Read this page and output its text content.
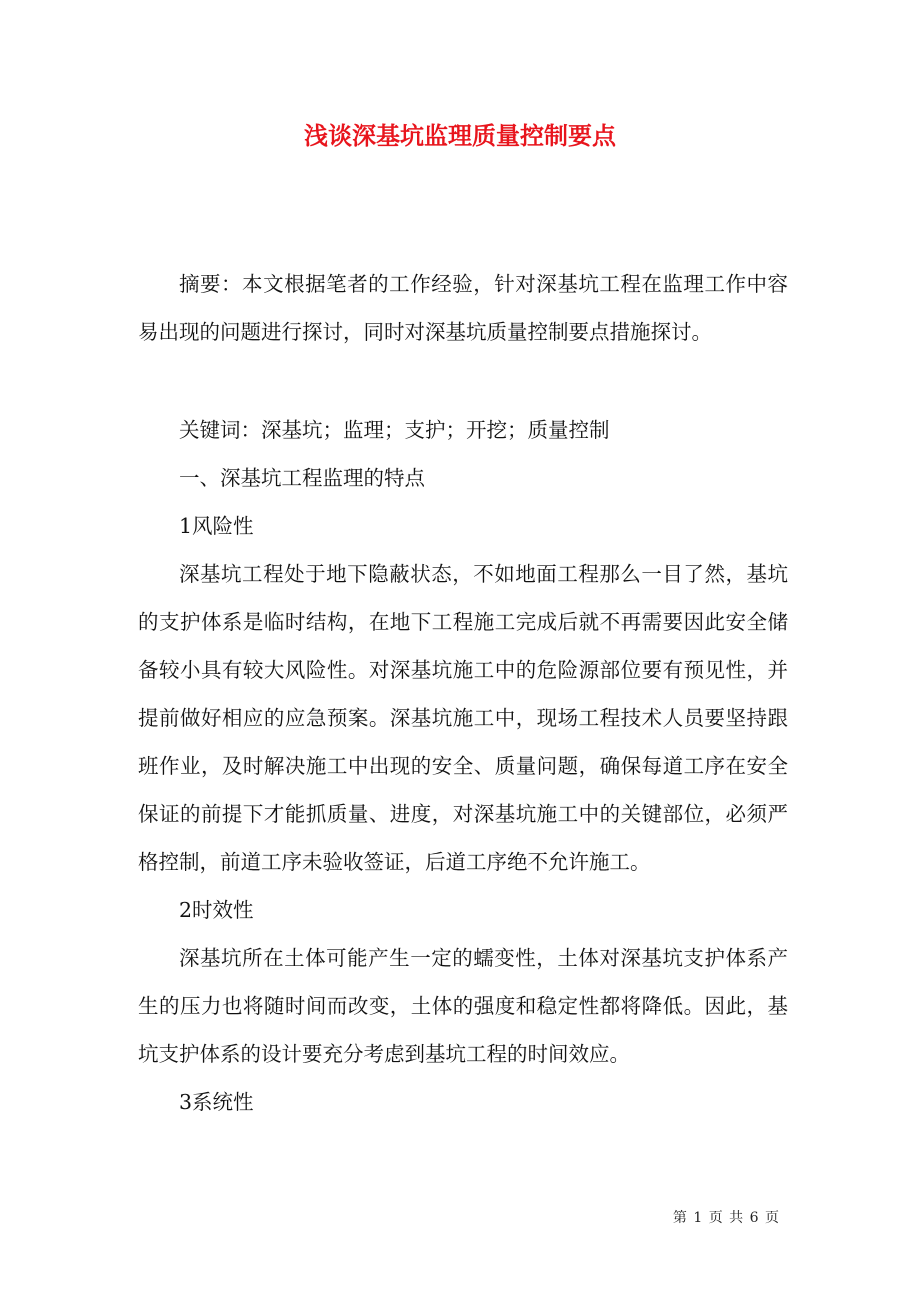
浅谈深基坑监理质量控制要点

摘要：本文根据笔者的工作经验，针对深基坑工程在监理工作中容易出现的问题进行探讨，同时对深基坑质量控制要点措施探讨。

关键词：深基坑；监理；支护；开挖；质量控制

一、深基坑工程监理的特点

1风险性

深基坑工程处于地下隐蔽状态，不如地面工程那么一目了然，基坑的支护体系是临时结构，在地下工程施工完成后就不再需要因此安全储备较小具有较大风险性。对深基坑施工中的危险源部位要有预见性，并提前做好相应的应急预案。深基坑施工中，现场工程技术人员要坚持跟班作业，及时解决施工中出现的安全、质量问题，确保每道工序在安全保证的前提下才能抓质量、进度，对深基坑施工中的关键部位，必须严格控制，前道工序未验收签证，后道工序绝不允许施工。

2时效性

深基坑所在土体可能产生一定的蠕变性，土体对深基坑支护体系产生的压力也将随时间而改变，土体的强度和稳定性都将降低。因此，基坑支护体系的设计要充分考虑到基坑工程的时间效应。

3系统性

第 1 页 共 6 页
